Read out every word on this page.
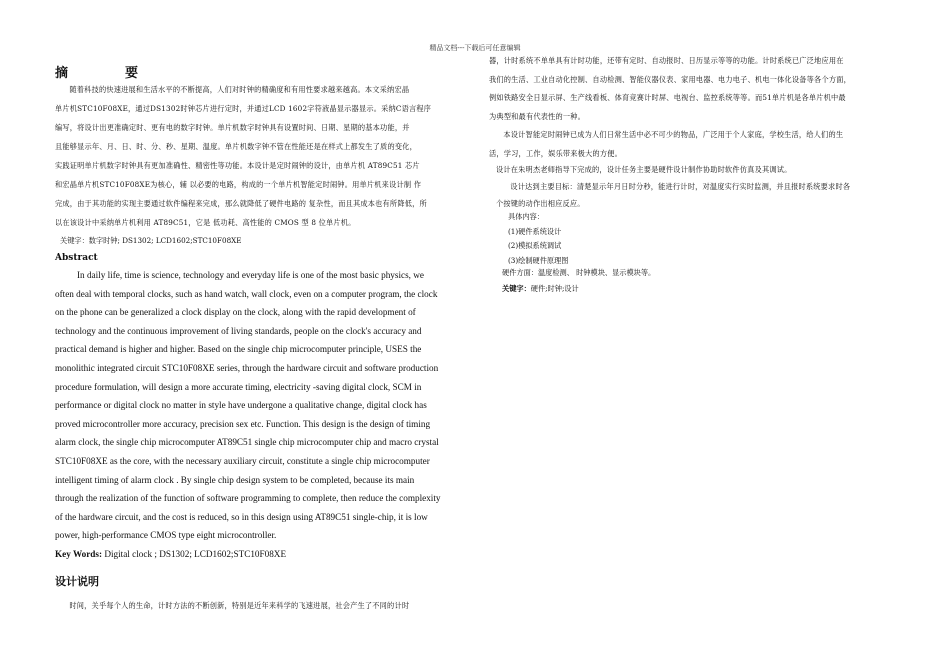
精品文档---下载后可任意编辑

摘　要

随着科技的快速进展和生活水平的不断提高，人们对时钟的精确度和有用性要求越来越高。本文采纳宏晶

单片机STC10F08XE，通过DS1302时钟芯片进行定时，并通过LCD 1602字符液晶显示器显示。采纳C语言程序

编写，将设计出更准确定时、更有电的数字时钟。单片机数字时钟具有设置时间、日期、星期的基本功能，并

且能够显示年、月、日、时、分、秒、星期、温度。单片机数字钟不管在性能还是在样式上都发生了质的变化，

实践证明单片机数字时钟具有更加准确性、精密性等功能。本设计是定时闹钟的设计，由单片机 AT89C51 芯片

和宏晶单片机STC10F08XE为核心，辅 以必要的电路，构成的一个单片机智能定时闹钟。用单片机来设计制 作

完成，由于其功能的实现主要通过软件编程来完成，那么就降低了硬件电路的 复杂性，而且其成本也有所降低，所

以在该设计中采纳单片机利用 AT89C51，它是 低功耗、高性能的 CMOS 型 8 位单片机。

关键字：数字时钟; DS1302; LCD1602;STC10F08XE

Abstract

In daily life, time is science, technology and everyday life is one of the most basic physics, we
often deal with temporal clocks, such as hand watch, wall clock, even on a computer program, the clock
on the phone can be generalized a clock display on the clock, along with the rapid development of
technology and the continuous improvement of living standards, people on the clock's accuracy and
practical demand is higher and higher. Based on the single chip microcomputer principle, USES the
monolithic integrated circuit STC10F08XE series, through the hardware circuit and software production
procedure formulation, will design a more accurate timing, electricity -saving digital clock, SCM in
performance or digital clock no matter in style have undergone a qualitative change, digital clock has
proved microcontroller more accuracy, precision sex etc. Function. This design is the design of timing
alarm clock, the single chip microcomputer AT89C51 single chip microcomputer chip and macro crystal
STC10F08XE as the core, with the necessary auxiliary circuit, constitute a single chip microcomputer
intelligent timing of alarm clock . By single chip design system to be completed, because its main
through the realization of the function of software programming to complete, then reduce the complexity
of the hardware circuit, and the cost is reduced, so in this design using AT89C51 single-chip, it is low
power, high-performance CMOS type eight microcontroller.

Key Words: Digital clock ; DS1302; LCD1602;STC10F08XE

设计说明

时间，关乎每个人的生命，计时方法的不断创新，特别是近年来科学的飞速进展，社会产生了不同的计时

器，计时系统不单单具有计时功能，还带有定时、自动报时、日历显示等等的功能。计时系统已广泛地应用在

我们的生活、工业自动化控制、自动检测、智能仪器仪表、家用电器、电力电子、机电一体化设备等各个方面，

例如铁路安全日显示屏、生产线看板、体育竞赛计时屏、电视台、监控系统等等。而51单片机是各单片机中最

为典型和最有代表性的一种。

本设计智能定时闹钟已成为人们日常生活中必不可少的物品，广泛用于个人家庭，学校生活，给人们的生

活，学习，工作，娱乐带来极大的方便。

设计在朱明杰老师指导下完成的，设计任务主要是硬件设计制作协助时软件仿真及其调试。

设计达到主要目标：清楚显示年月日时分秒，能进行计时，对温度实行实时监测，并且报时系统要求时各

个按键的动作出相应反应。

具体内容：
(1)硬件系统设计
(2)模拟系统调试
(3)绘制硬件原理图

硬件方面：温度检测、 时钟模块、显示模块等。

关键字：硬件;时钟;设计
